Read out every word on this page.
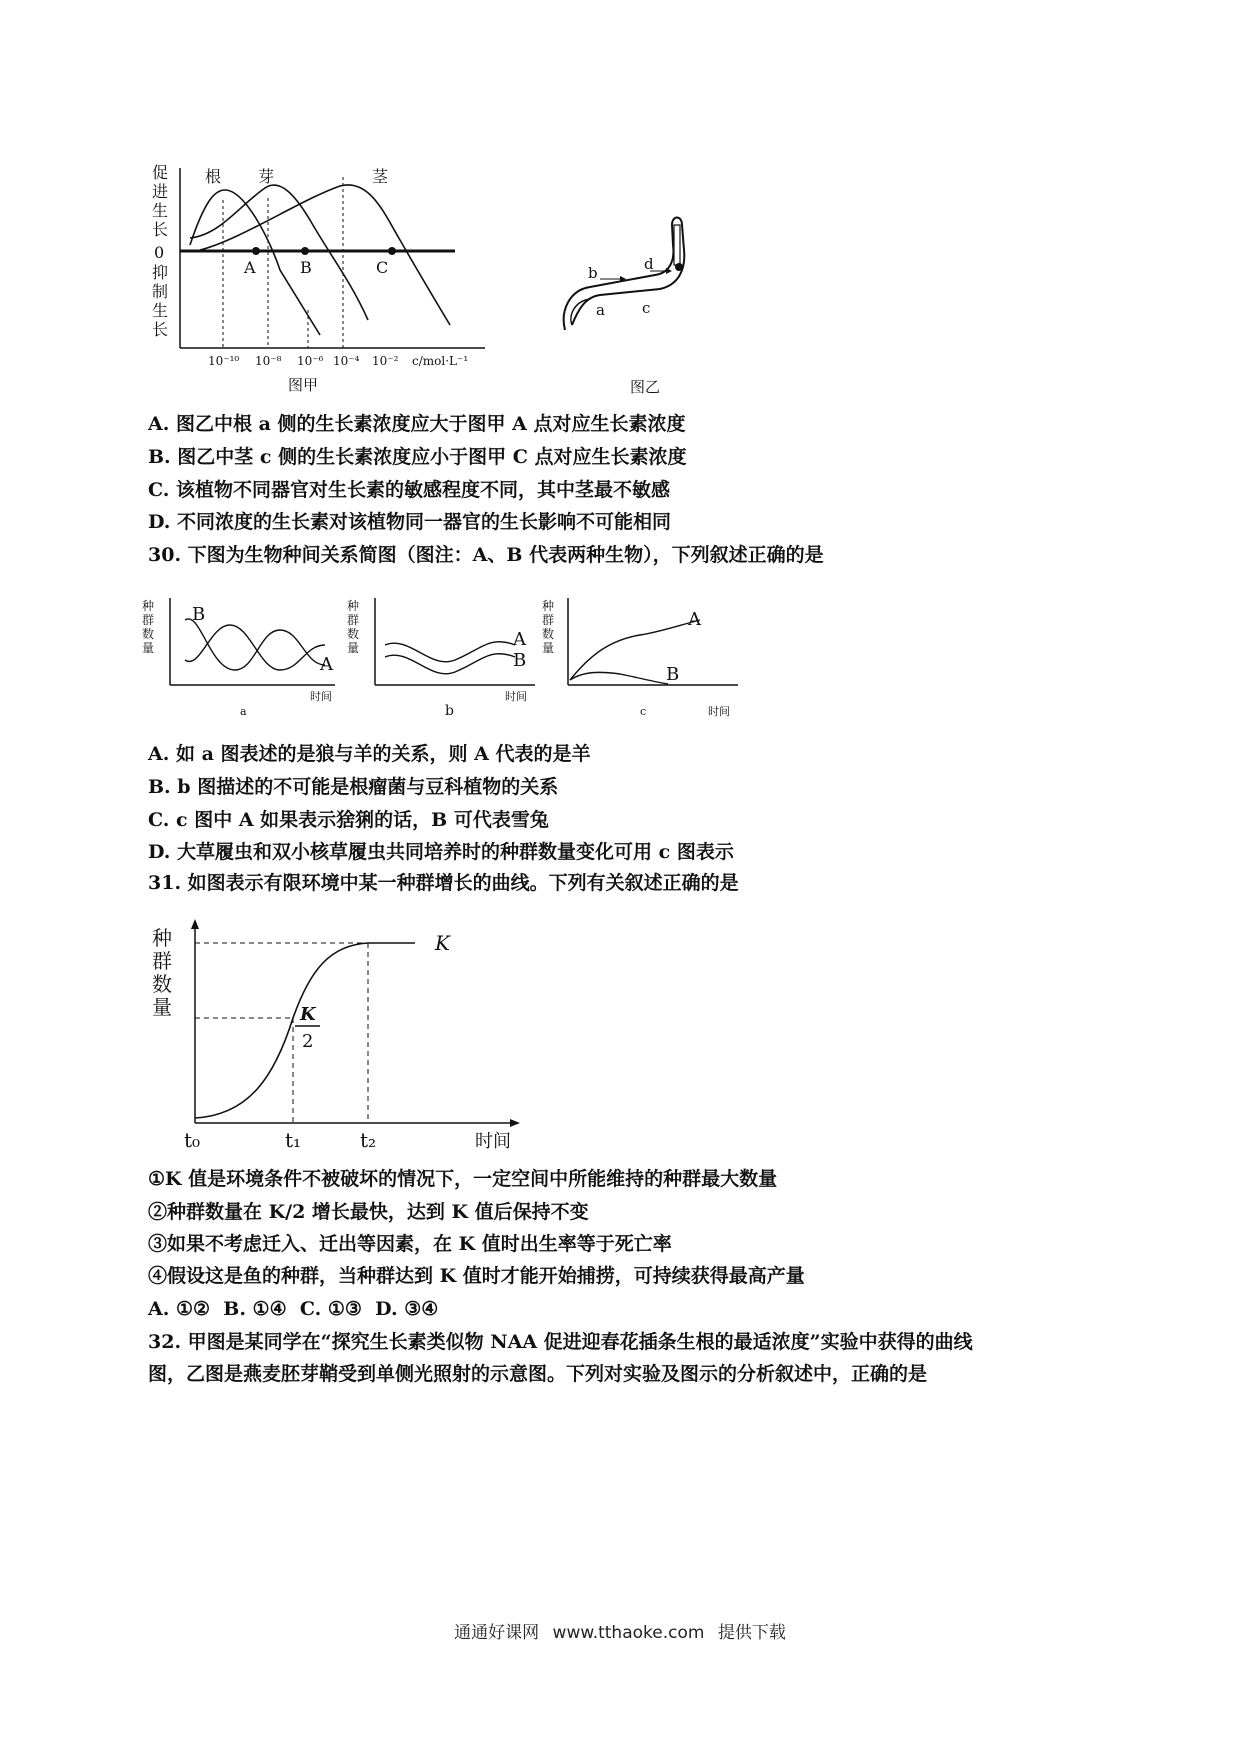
促
进
生
长
0
抑
制
生
长
根 芽	茎
A	B	C
10⁻¹⁰ 10⁻⁸ 10⁻⁶ 10⁻⁴ 10⁻² c/mol·L⁻¹
图甲
b
a
d
c
图乙
A. 图乙中根 a 侧的生长素浓度应大于图甲 A 点对应生长素浓度
B. 图乙中茎 c 侧的生长素浓度应小于图甲 C 点对应生长素浓度
C. 该植物不同器官对生长素的敏感程度不同，其中茎最不敏感
D. 不同浓度的生长素对该植物同一器官的生长影响不可能相同
30. 下图为生物种间关系简图（图注：A、B 代表两种生物），下列叙述正确的是
种
群
数
量
B
A
时间
a
种
群
数
量	A
B
时间
b
种
群
数
量
A
B
时间
c
A. 如 a 图表述的是狼与羊的关系，则 A 代表的是羊
B. b 图描述的不可能是根瘤菌与豆科植物的关系
C. c 图中 A 如果表示猞猁的话，B 可代表雪兔
D. 大草履虫和双小核草履虫共同培养时的种群数量变化可用 c 图表示
31. 如图表示有限环境中某一种群增长的曲线。下列有关叙述正确的是
种
群
数
量
K
K
2
t₀	t₁	t₂	时间
①K 值是环境条件不被破坏的情况下，一定空间中所能维持的种群最大数量
②种群数量在 K/2 增长最快，达到 K 值后保持不变
③如果不考虑迁入、迁出等因素，在 K 值时出生率等于死亡率
④假设这是鱼的种群，当种群达到 K 值时才能开始捕捞，可持续获得最高产量
A. ①②  B. ①④  C. ①③  D. ③④
32. 甲图是某同学在“探究生长素类似物 NAA 促进迎春花插条生根的最适浓度”实验中获得的曲线
图，乙图是燕麦胚芽鞘受到单侧光照射的示意图。下列对实验及图示的分析叙述中，正确的是
通通好课网 www.tthaoke.com 提供下载
